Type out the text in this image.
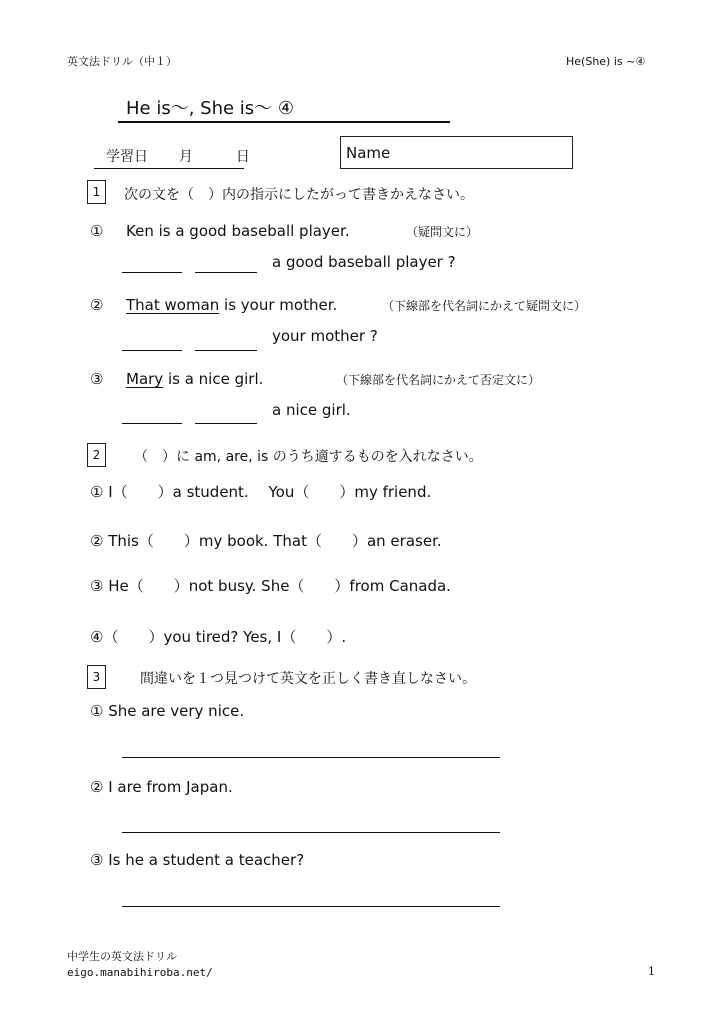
英文法ドリル（中１）	He(She) is ~④
He is～, She is～ ④
学習日 月	日	Name
1	次の文を（　）内の指示にしたがって書きかえなさい。
① Ken is a good baseball player.	（疑問文に）
a good baseball player ?
② That woman is your mother.	（下線部を代名詞にかえて疑問文に）
your mother ?
③ Mary is a nice girl.	（下線部を代名詞にかえて否定文に）
a nice girl.
2	（　）に am, are, is のうち適するものを入れなさい。
① I（　　）a student.　 You（　　）my friend.
② This（　　）my book. That（　　）an eraser.
③ He（　　）not busy. She（　　）from Canada.
④（　　）you tired? Yes, I（　　）.
3	間違いを１つ見つけて英文を正しく書き直しなさい。
① She are very nice.
② I are from Japan.
③ Is he a student a teacher?
中学生の英文法ドリル
eigo.manabihiroba.net/	1
